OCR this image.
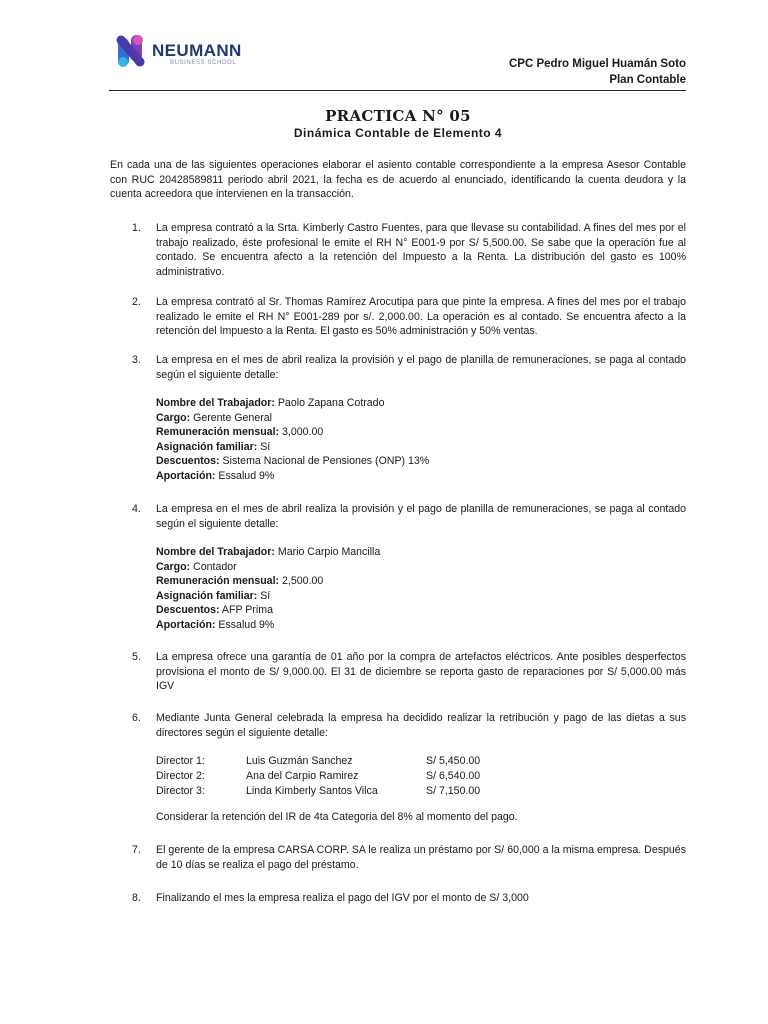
NEUMANN
BUSINESS SCHOOL	CPC Pedro Miguel Huamán Soto
Plan Contable
PRACTICA N° 05
Dinámica Contable de Elemento 4
En cada una de las siguientes operaciones elaborar el asiento contable correspondiente a la empresa Asesor Contable con RUC 20428589811 periodo abril 2021, la fecha es de acuerdo al enunciado, identificando la cuenta deudora y la cuenta acreedora que intervienen en la transacción.
1.	La empresa contrató a la Srta. Kimberly Castro Fuentes, para que llevase su contabilidad. A fines del mes por el trabajo realizado, éste profesional le emite el RH N° E001-9 por S/ 5,500.00. Se sabe que la operación fue al contado. Se encuentra afecto a la retención del Impuesto a la Renta. La distribución del gasto es 100% administrativo.
2.	La empresa contrató al Sr. Thomas Ramírez Arocutipa para que pinte la empresa. A fines del mes por el trabajo realizado le emite el RH N° E001-289 por s/. 2,000.00. La operación es al contado. Se encuentra afecto a la retención del Impuesto a la Renta. El gasto es 50% administración y 50% ventas.
3.	La empresa en el mes de abril realiza la provisión y el pago de planilla de remuneraciones, se paga al contado según el siguiente detalle:
Nombre del Trabajador: Paolo Zapana Cotrado
Cargo: Gerente General
Remuneración mensual: 3,000.00
Asignación familiar: Sí
Descuentos: Sistema Nacional de Pensiones (ONP) 13%
Aportación: Essalud 9%
4.	La empresa en el mes de abril realiza la provisión y el pago de planilla de remuneraciones, se paga al contado según el siguiente detalle:
Nombre del Trabajador: Mario Carpio Mancilla
Cargo: Contador
Remuneración mensual: 2,500.00
Asignación familiar: Sí
Descuentos: AFP Prima
Aportación: Essalud 9%
5.	La empresa ofrece una garantía de 01 año por la compra de artefactos eléctricos. Ante posibles desperfectos provisiona el monto de S/ 9,000.00. El 31 de diciembre se reporta gasto de reparaciones por S/ 5,000.00 más IGV
6.	Mediante Junta General celebrada la empresa ha decidido realizar la retribución y pago de las dietas a sus directores según el siguiente detalle:
Director 1:	Luis Guzmán Sanchez	S/ 5,450.00
Director 2:	Ana del Carpio Ramirez	S/ 6,540.00
Director 3:	Linda Kimberly Santos Vilca	S/ 7,150.00
Considerar la retención del IR de 4ta Categoria del 8% al momento del pago.
7.	El gerente de la empresa CARSA CORP. SA le realiza un préstamo por S/ 60,000 a la misma empresa. Después de 10 días se realiza el pago del préstamo.
8.	Finalizando el mes la empresa realiza el pago del IGV por el monto de S/ 3,000
